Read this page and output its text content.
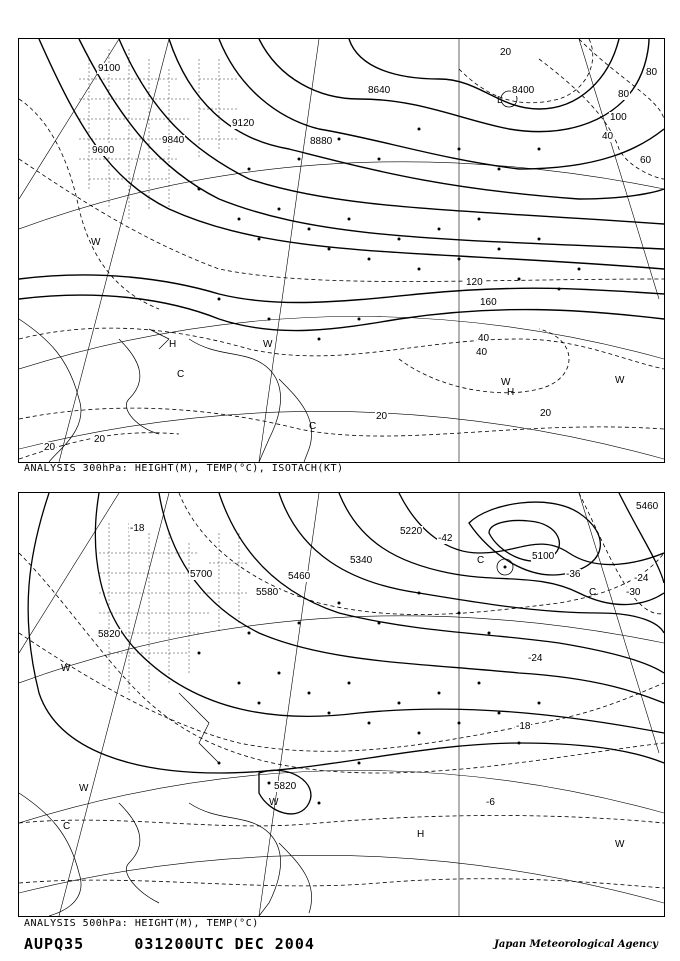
9100
9600
9840
9120
8880
8640	8400
20
120
160
40
40
20
20
20
20
80
80
100
60
40
W
H
C
W
C
W
H
W
L
ANALYSIS 300hPa: HEIGHT(M), TEMP(°C), ISOTACH(KT)
5700
5580
5820
5460
5340
5220
5100
5460
5820
-18
-24
-30
-36
-42
-18
-6
-24
W
W
C
W
H
W
C
C
ANALYSIS 500hPa: HEIGHT(M), TEMP(°C)
AUPQ35	031200UTC DEC 2004	Japan Meteorological Agency
